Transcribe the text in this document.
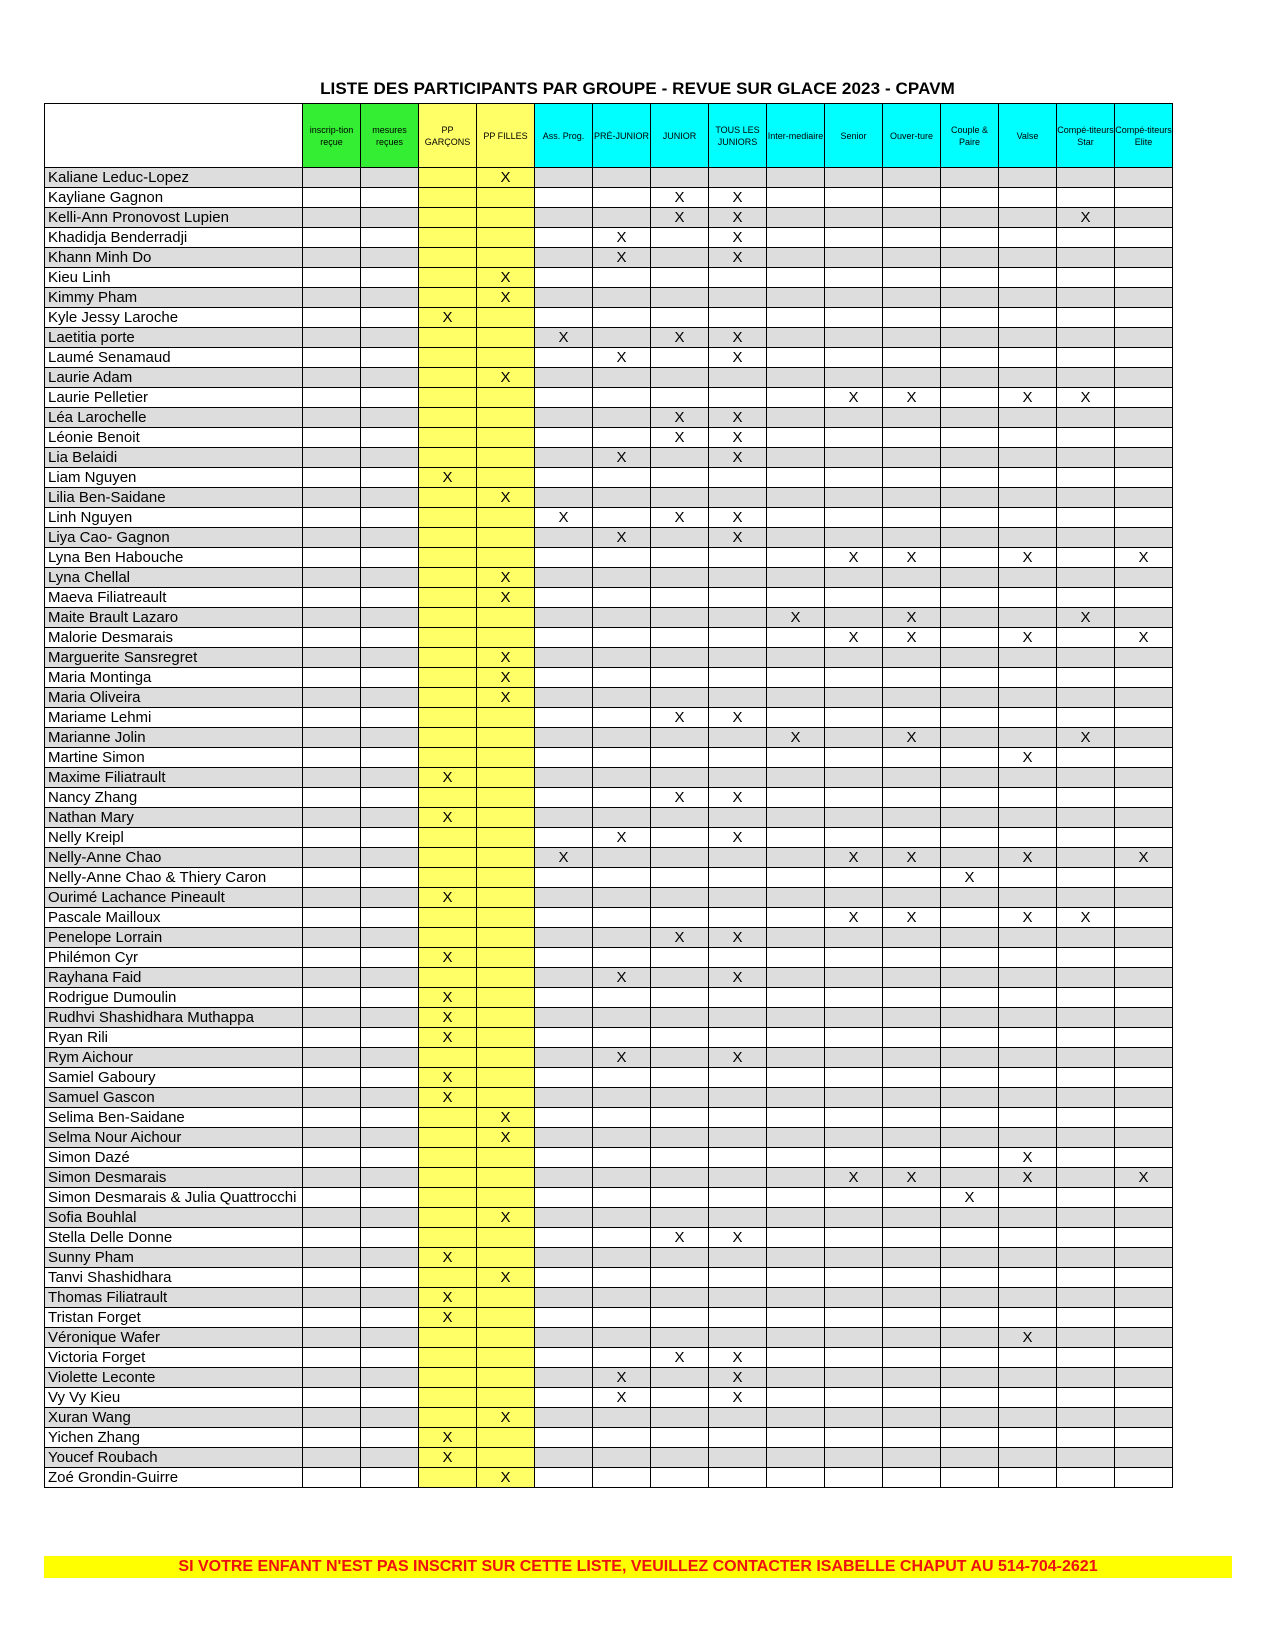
LISTE DES PARTICIPANTS PAR GROUPE - REVUE SUR GLACE 2023 - CPAVM
	inscrip-tion reçue	mesures reçues	PP GARÇONS	PP FILLES	Ass. Prog.	PRÉ-JUNIOR	JUNIOR	TOUS LES JUNIORS	Inter-mediaire	Senior	Ouver-ture	Couple & Paire	Valse	Compé-titeurs Star	Compé-titeurs Elite
Kaliane Leduc-Lopez				X											
Kayliane Gagnon							X	X							
Kelli-Ann Pronovost Lupien							X	X						X	
Khadidja Benderradji						X		X							
Khann Minh Do						X		X							
Kieu Linh				X											
Kimmy Pham				X											
Kyle Jessy Laroche			X												
Laetitia porte					X		X	X							
Laumé Senamaud						X		X							
Laurie Adam				X											
Laurie Pelletier										X	X		X	X	
Léa Larochelle							X	X							
Léonie Benoit							X	X							
Lia Belaidi						X		X							
Liam Nguyen			X												
Lilia Ben-Saidane				X											
Linh Nguyen					X		X	X							
Liya Cao- Gagnon						X		X							
Lyna Ben Habouche										X	X		X		X
Lyna Chellal				X											
Maeva Filiatreault				X											
Maite Brault Lazaro									X		X			X	
Malorie Desmarais										X	X		X		X
Marguerite Sansregret				X											
Maria Montinga				X											
Maria Oliveira				X											
Mariame Lehmi							X	X							
Marianne Jolin									X		X			X	
Martine Simon													X		
Maxime Filiatrault			X												
Nancy Zhang							X	X							
Nathan Mary			X												
Nelly Kreipl						X		X							
Nelly-Anne Chao					X					X	X		X		X
Nelly-Anne Chao & Thiery Caron												X			
Ourimé Lachance Pineault			X												
Pascale Mailloux										X	X		X	X	
Penelope Lorrain							X	X							
Philémon Cyr			X												
Rayhana Faid						X		X							
Rodrigue Dumoulin			X												
Rudhvi Shashidhara Muthappa			X												
Ryan Rili			X												
Rym Aichour						X		X							
Samiel Gaboury			X												
Samuel Gascon			X												
Selima Ben-Saidane				X											
Selma Nour Aichour				X											
Simon Dazé													X		
Simon Desmarais										X	X		X		X
Simon Desmarais & Julia Quattrocchi												X			
Sofia Bouhlal				X											
Stella Delle Donne							X	X							
Sunny Pham			X												
Tanvi Shashidhara				X											
Thomas Filiatrault			X												
Tristan Forget			X												
Véronique Wafer													X		
Victoria Forget							X	X							
Violette Leconte						X		X							
Vy Vy Kieu						X		X							
Xuran Wang				X											
Yichen Zhang			X												
Youcef Roubach			X												
Zoé Grondin-Guirre				X											
SI VOTRE ENFANT N'EST PAS INSCRIT SUR CETTE LISTE, VEUILLEZ CONTACTER ISABELLE CHAPUT AU 514-704-2621
